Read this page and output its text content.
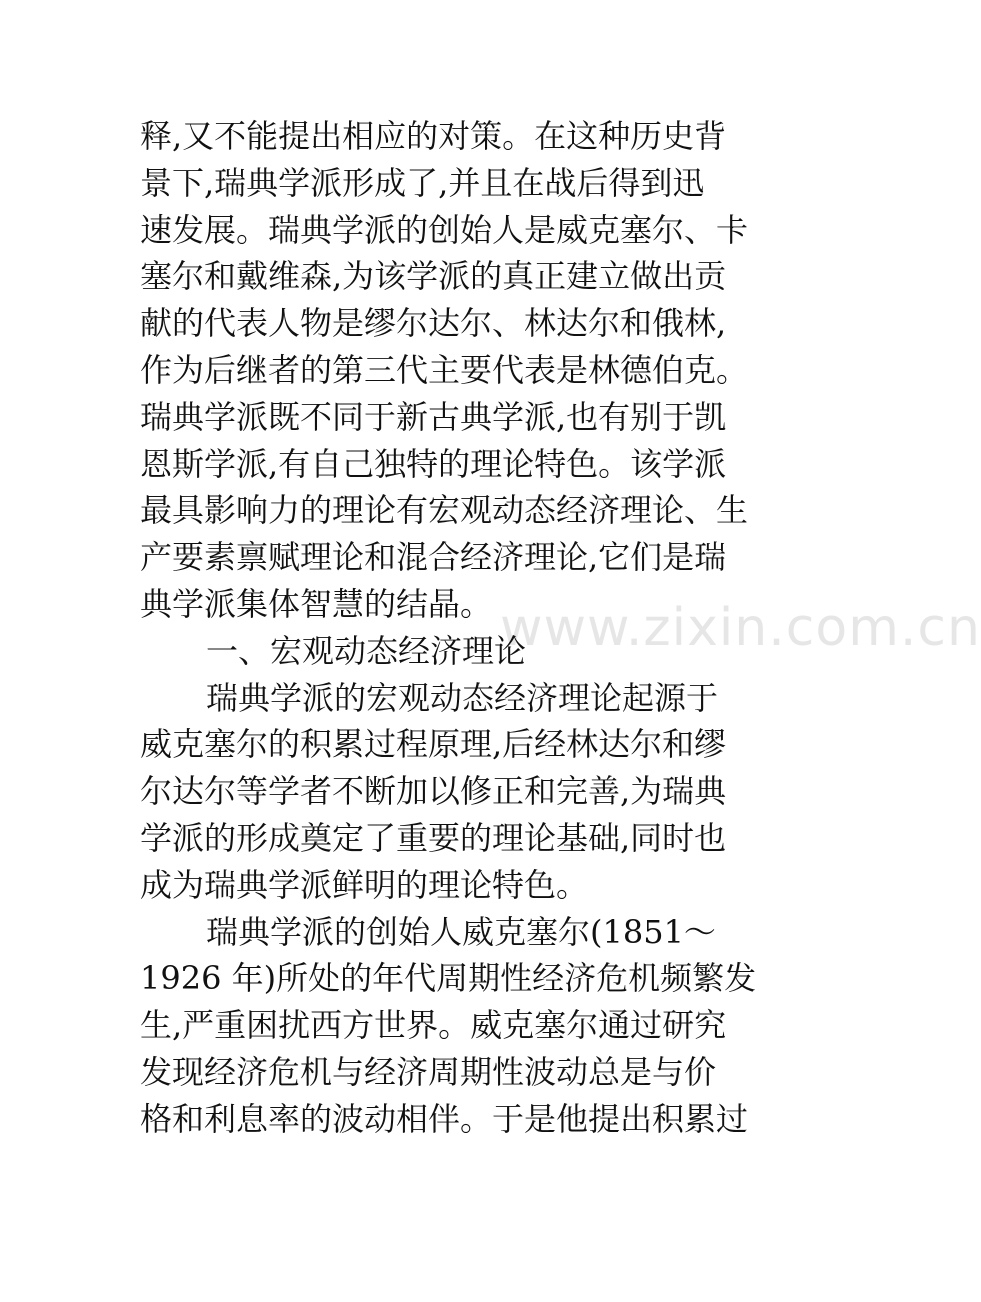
www.zixin.com.cn
释,又不能提出相应的对策。在这种历史背
景下,瑞典学派形成了,并且在战后得到迅
速发展。瑞典学派的创始人是威克塞尔、卡
塞尔和戴维森,为该学派的真正建立做出贡
献的代表人物是缪尔达尔、林达尔和俄林,
作为后继者的第三代主要代表是林德伯克。
瑞典学派既不同于新古典学派,也有别于凯
恩斯学派,有自己独特的理论特色。该学派
最具影响力的理论有宏观动态经济理论、生
产要素禀赋理论和混合经济理论,它们是瑞
典学派集体智慧的结晶。
一、宏观动态经济理论
瑞典学派的宏观动态经济理论起源于
威克塞尔的积累过程原理,后经林达尔和缪
尔达尔等学者不断加以修正和完善,为瑞典
学派的形成奠定了重要的理论基础,同时也
成为瑞典学派鲜明的理论特色。
瑞典学派的创始人威克塞尔(1851～
1926 年)所处的年代周期性经济危机频繁发
生,严重困扰西方世界。威克塞尔通过研究
发现经济危机与经济周期性波动总是与价
格和利息率的波动相伴。于是他提出积累过
